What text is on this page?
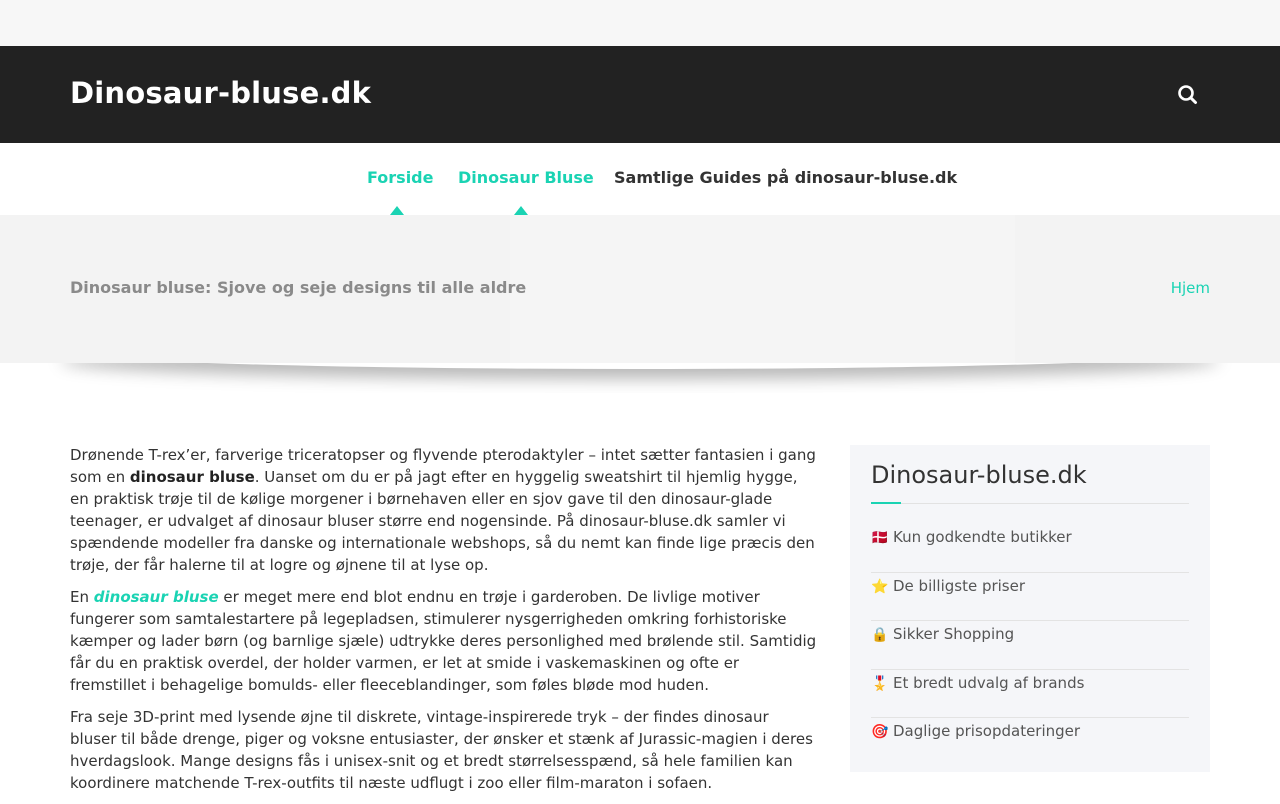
Dinosaur-bluse.dk
Forside Dinosaur Bluse Samtlige Guides på dinosaur-bluse.dk
Dinosaur bluse: Sjove og seje designs til alle aldre	Hjem

Drønende T-rex’er, farverige triceratopser og flyvende pterodaktyler – intet sætter fantasien i gang som en dinosaur bluse. Uanset om du er på jagt efter en hyggelig sweatshirt til hjemlig hygge, en praktisk trøje til de kølige morgener i børnehaven eller en sjov gave til den dinosaur-glade teenager, er udvalget af dinosaur bluser større end nogensinde. På dinosaur-bluse.dk samler vi spændende modeller fra danske og internationale webshops, så du nemt kan finde lige præcis den trøje, der får halerne til at logre og øjnene til at lyse op.

En dinosaur bluse er meget mere end blot endnu en trøje i garderoben. De livlige motiver fungerer som samtalestartere på legepladsen, stimulerer nysgerrigheden omkring forhistoriske kæmper og lader børn (og barnlige sjæle) udtrykke deres personlighed med brølende stil. Samtidig får du en praktisk overdel, der holder varmen, er let at smide i vaskemaskinen og ofte er fremstillet i behagelige bomulds- eller fleeceblandinger, som føles bløde mod huden.

Fra seje 3D-print med lysende øjne til diskrete, vintage-inspirerede tryk – der findes dinosaur bluser til både drenge, piger og voksne entusiaster, der ønsker et stænk af Jurassic-magien i deres hverdagslook. Mange designs fås i unisex-snit og et bredt størrelsesspænd, så hele familien kan koordinere matchende T-rex-outfits til næste udflugt i zoo eller film-maraton i sofaen.

Dinosaur-bluse.dk
🇩🇰 Kun godkendte butikker
⭐ De billigste priser
🔒 Sikker Shopping
🎖️ Et bredt udvalg af brands
🎯 Daglige prisopdateringer
